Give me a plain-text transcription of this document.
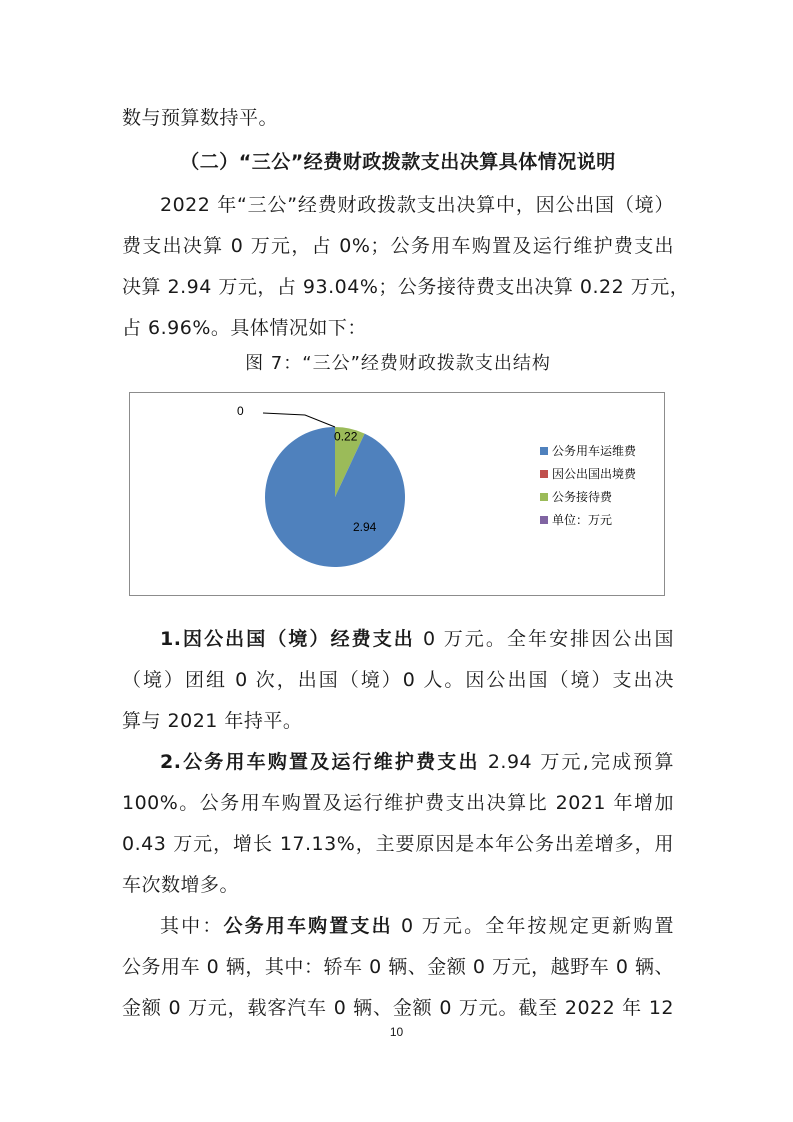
数与预算数持平。
（二）“三公”经费财政拨款支出决算具体情况说明
2022 年“三公”经费财政拨款支出决算中，因公出国（境）
费支出决算 0 万元，占 0%；公务用车购置及运行维护费支出
决算 2.94 万元，占 93.04%；公务接待费支出决算 0.22 万元，
占 6.96%。具体情况如下：
图 7：“三公”经费财政拨款支出结构
2.94
0.22
0
公务用车运维费
因公出国出境费
公务接待费
单位：万元
1.因公出国（境）经费支出 0 万元。全年安排因公出国
（境）团组 0 次，出国（境）0 人。因公出国（境）支出决
算与 2021 年持平。
2.公务用车购置及运行维护费支出 2.94 万元,完成预算
100%。公务用车购置及运行维护费支出决算比 2021 年增加
0.43 万元，增长 17.13%，主要原因是本年公务出差增多，用
车次数增多。
其中：公务用车购置支出 0 万元。全年按规定更新购置
公务用车 0 辆，其中：轿车 0 辆、金额 0 万元，越野车 0 辆、
金额 0 万元，载客汽车 0 辆、金额 0 万元。截至 2022 年 12
10
